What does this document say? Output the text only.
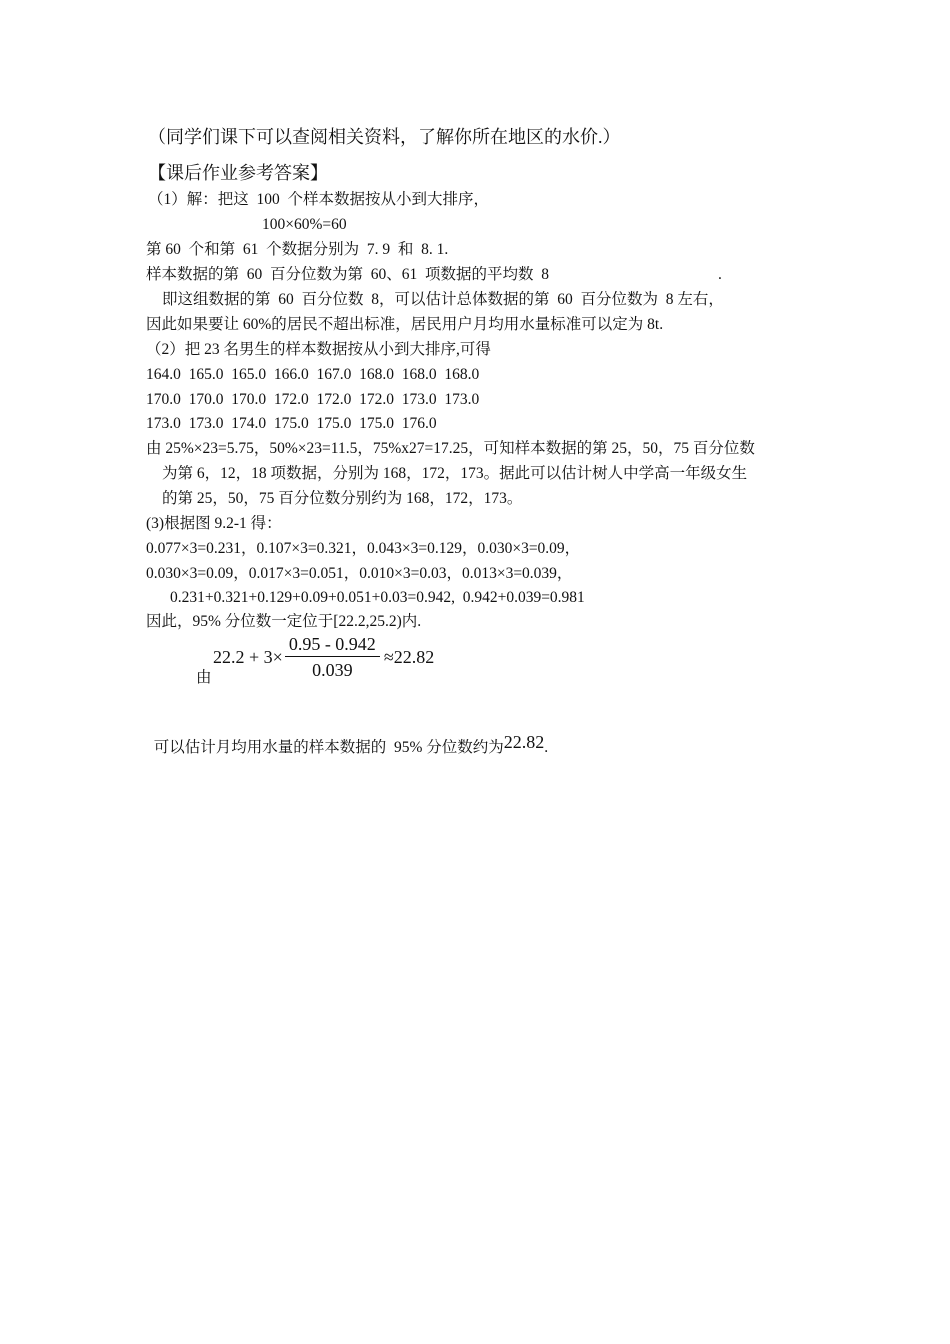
（同学们课下可以查阅相关资料，了解你所在地区的水价.）
【课后作业参考答案】
（1）解：把这  100  个样本数据按从小到大排序，
100×60%=60
第 60  个和第  61  个数据分别为  7. 9  和  8. 1.
样本数据的第  60  百分位数为第  60、61  项数据的平均数  8	.
即这组数据的第  60  百分位数  8，可以估计总体数据的第  60  百分位数为  8 左右，
因此如果要让 60%的居民不超出标准，居民用户月均用水量标准可以定为 8t.
（2）把 23 名男生的样本数据按从小到大排序,可得
164.0  165.0  165.0  166.0  167.0  168.0  168.0  168.0
170.0  170.0  170.0  172.0  172.0  172.0  173.0  173.0
173.0  173.0  174.0  175.0  175.0  175.0  176.0
由 25%×23=5.75，50%×23=11.5，75%x27=17.25，可知样本数据的第 25，50，75 百分位数
为第 6，12，18 项数据，分别为 168，172，173。据此可以估计树人中学高一年级女生
的第 25，50，75 百分位数分别约为 168，172，173。
(3)根据图 9.2-1 得：
0.077×3=0.231，0.107×3=0.321，0.043×3=0.129，0.030×3=0.09，
0.030×3=0.09，0.017×3=0.051，0.010×3=0.03，0.013×3=0.039，
0.231+0.321+0.129+0.09+0.051+0.03=0.942,  0.942+0.039=0.981
因此，95% 分位数一定位于[22.2,25.2)内.
$22.2 + 3\times \frac{0.95 - 0.942}{0.039} \approx 22.82$
由

可以估计月均用水量的样本数据的  95% 分位数约为22.82.
